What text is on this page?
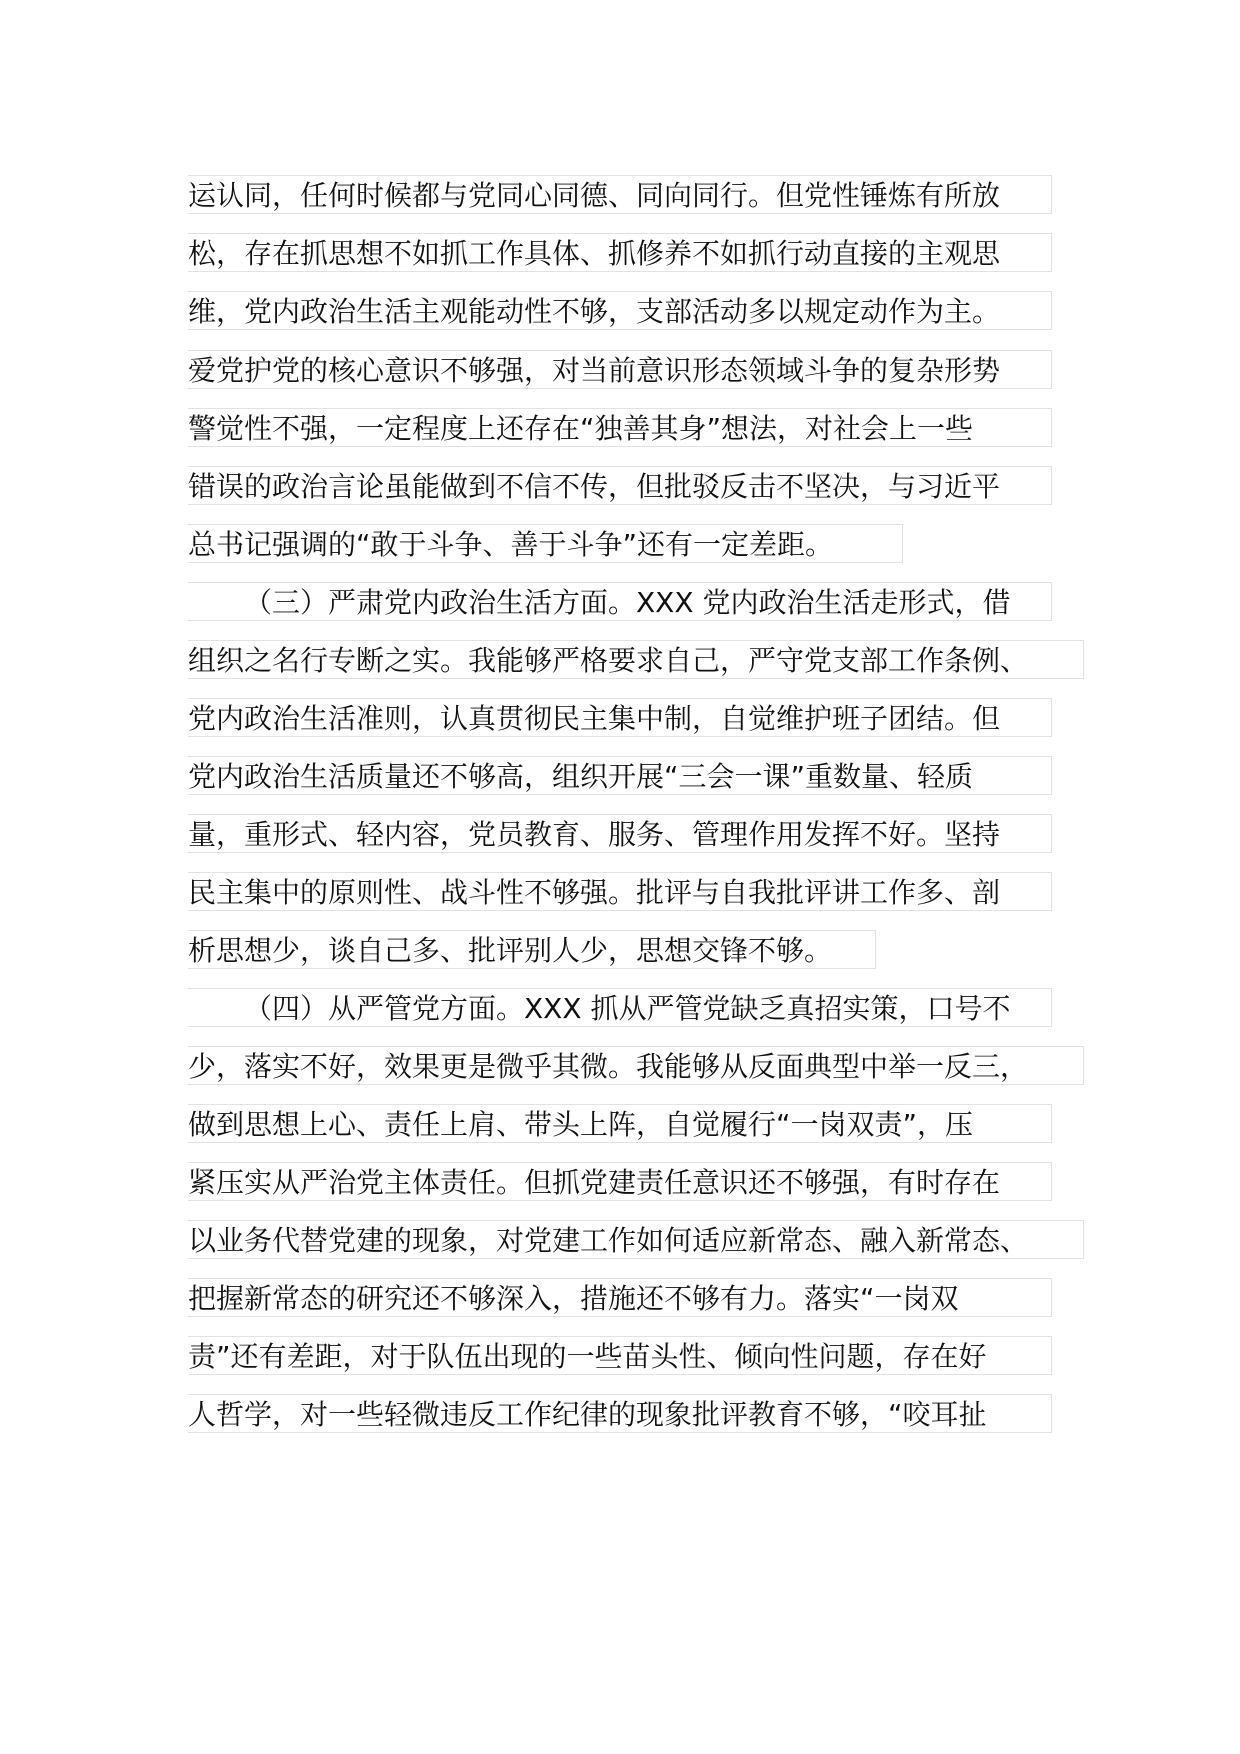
运认同，任何时候都与党同心同德、同向同行。但党性锤炼有所放
松，存在抓思想不如抓工作具体、抓修养不如抓行动直接的主观思
维，党内政治生活主观能动性不够，支部活动多以规定动作为主。
爱党护党的核心意识不够强，对当前意识形态领域斗争的复杂形势
警觉性不强，一定程度上还存在“独善其身”想法，对社会上一些
错误的政治言论虽能做到不信不传，但批驳反击不坚决，与习近平
总书记强调的“敢于斗争、善于斗争”还有一定差距。
（三）严肃党内政治生活方面。XXX 党内政治生活走形式，借
组织之名行专断之实。我能够严格要求自己，严守党支部工作条例、
党内政治生活准则，认真贯彻民主集中制，自觉维护班子团结。但
党内政治生活质量还不够高，组织开展“三会一课”重数量、轻质
量，重形式、轻内容，党员教育、服务、管理作用发挥不好。坚持
民主集中的原则性、战斗性不够强。批评与自我批评讲工作多、剖
析思想少，谈自己多、批评别人少，思想交锋不够。
（四）从严管党方面。XXX 抓从严管党缺乏真招实策，口号不
少，落实不好，效果更是微乎其微。我能够从反面典型中举一反三，
做到思想上心、责任上肩、带头上阵，自觉履行“一岗双责”，压
紧压实从严治党主体责任。但抓党建责任意识还不够强，有时存在
以业务代替党建的现象，对党建工作如何适应新常态、融入新常态、
把握新常态的研究还不够深入，措施还不够有力。落实“一岗双
责”还有差距，对于队伍出现的一些苗头性、倾向性问题，存在好
人哲学，对一些轻微违反工作纪律的现象批评教育不够，“咬耳扯
